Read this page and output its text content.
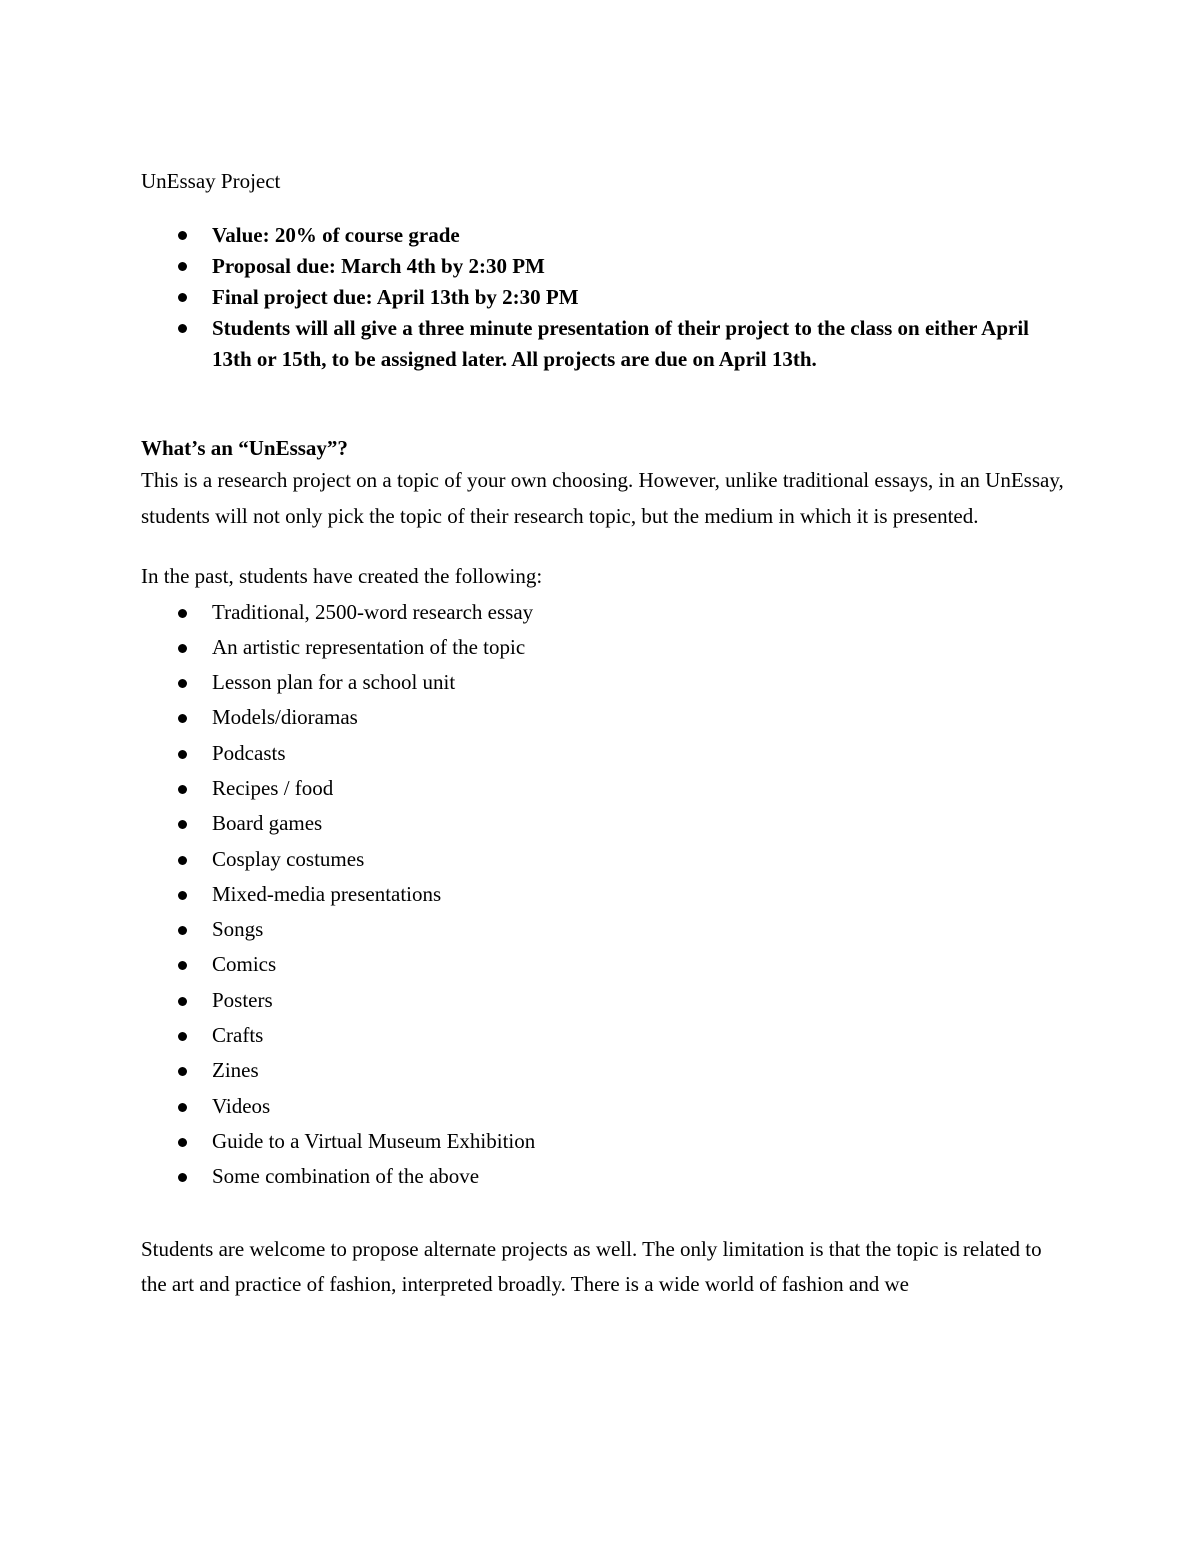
UnEssay Project
Value: 20% of course grade
Proposal due: March 4th by 2:30 PM
Final project due: April 13th by 2:30 PM
Students will all give a three minute presentation of their project to the class on either April 13th or 15th, to be assigned later. All projects are due on April 13th.
What’s an “UnEssay”?

This is a research project on a topic of your own choosing. However, unlike traditional essays, in an UnEssay, students will not only pick the topic of their research topic, but the medium in which it is presented.

In the past, students have created the following:

Traditional, 2500-word research essay
An artistic representation of the topic
Lesson plan for a school unit
Models/dioramas
Podcasts
Recipes / food
Board games
Cosplay costumes
Mixed-media presentations
Songs
Comics
Posters
Crafts
Zines
Videos
Guide to a Virtual Museum Exhibition
Some combination of the above

Students are welcome to propose alternate projects as well. The only limitation is that the topic is related to the art and practice of fashion, interpreted broadly. There is a wide world of fashion and we
